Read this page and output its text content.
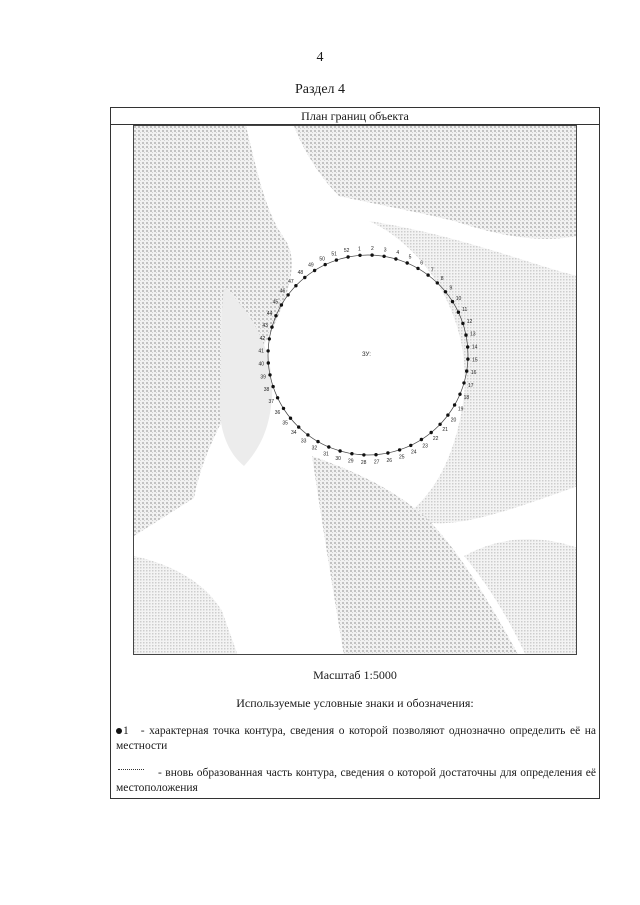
4
Раздел 4
План границ объекта
1 2 3 4
5
6
7
8
9
10
11
12
13
14
15
16
17
18
19
20
21
22
23
24
25
26
27
28
29
30
31
32
33
34
35
36
37
38
39
40
41
42
43
44
45
46
47
48
49
50
51
52
ЗУ:
Масштаб 1:5000
Используемые условные знаки и обозначения:
1 - характерная точка контура, сведения о которой позволяют однозначно определить её на местности
- вновь образованная часть контура, сведения о которой достаточны для определения её местоположения
